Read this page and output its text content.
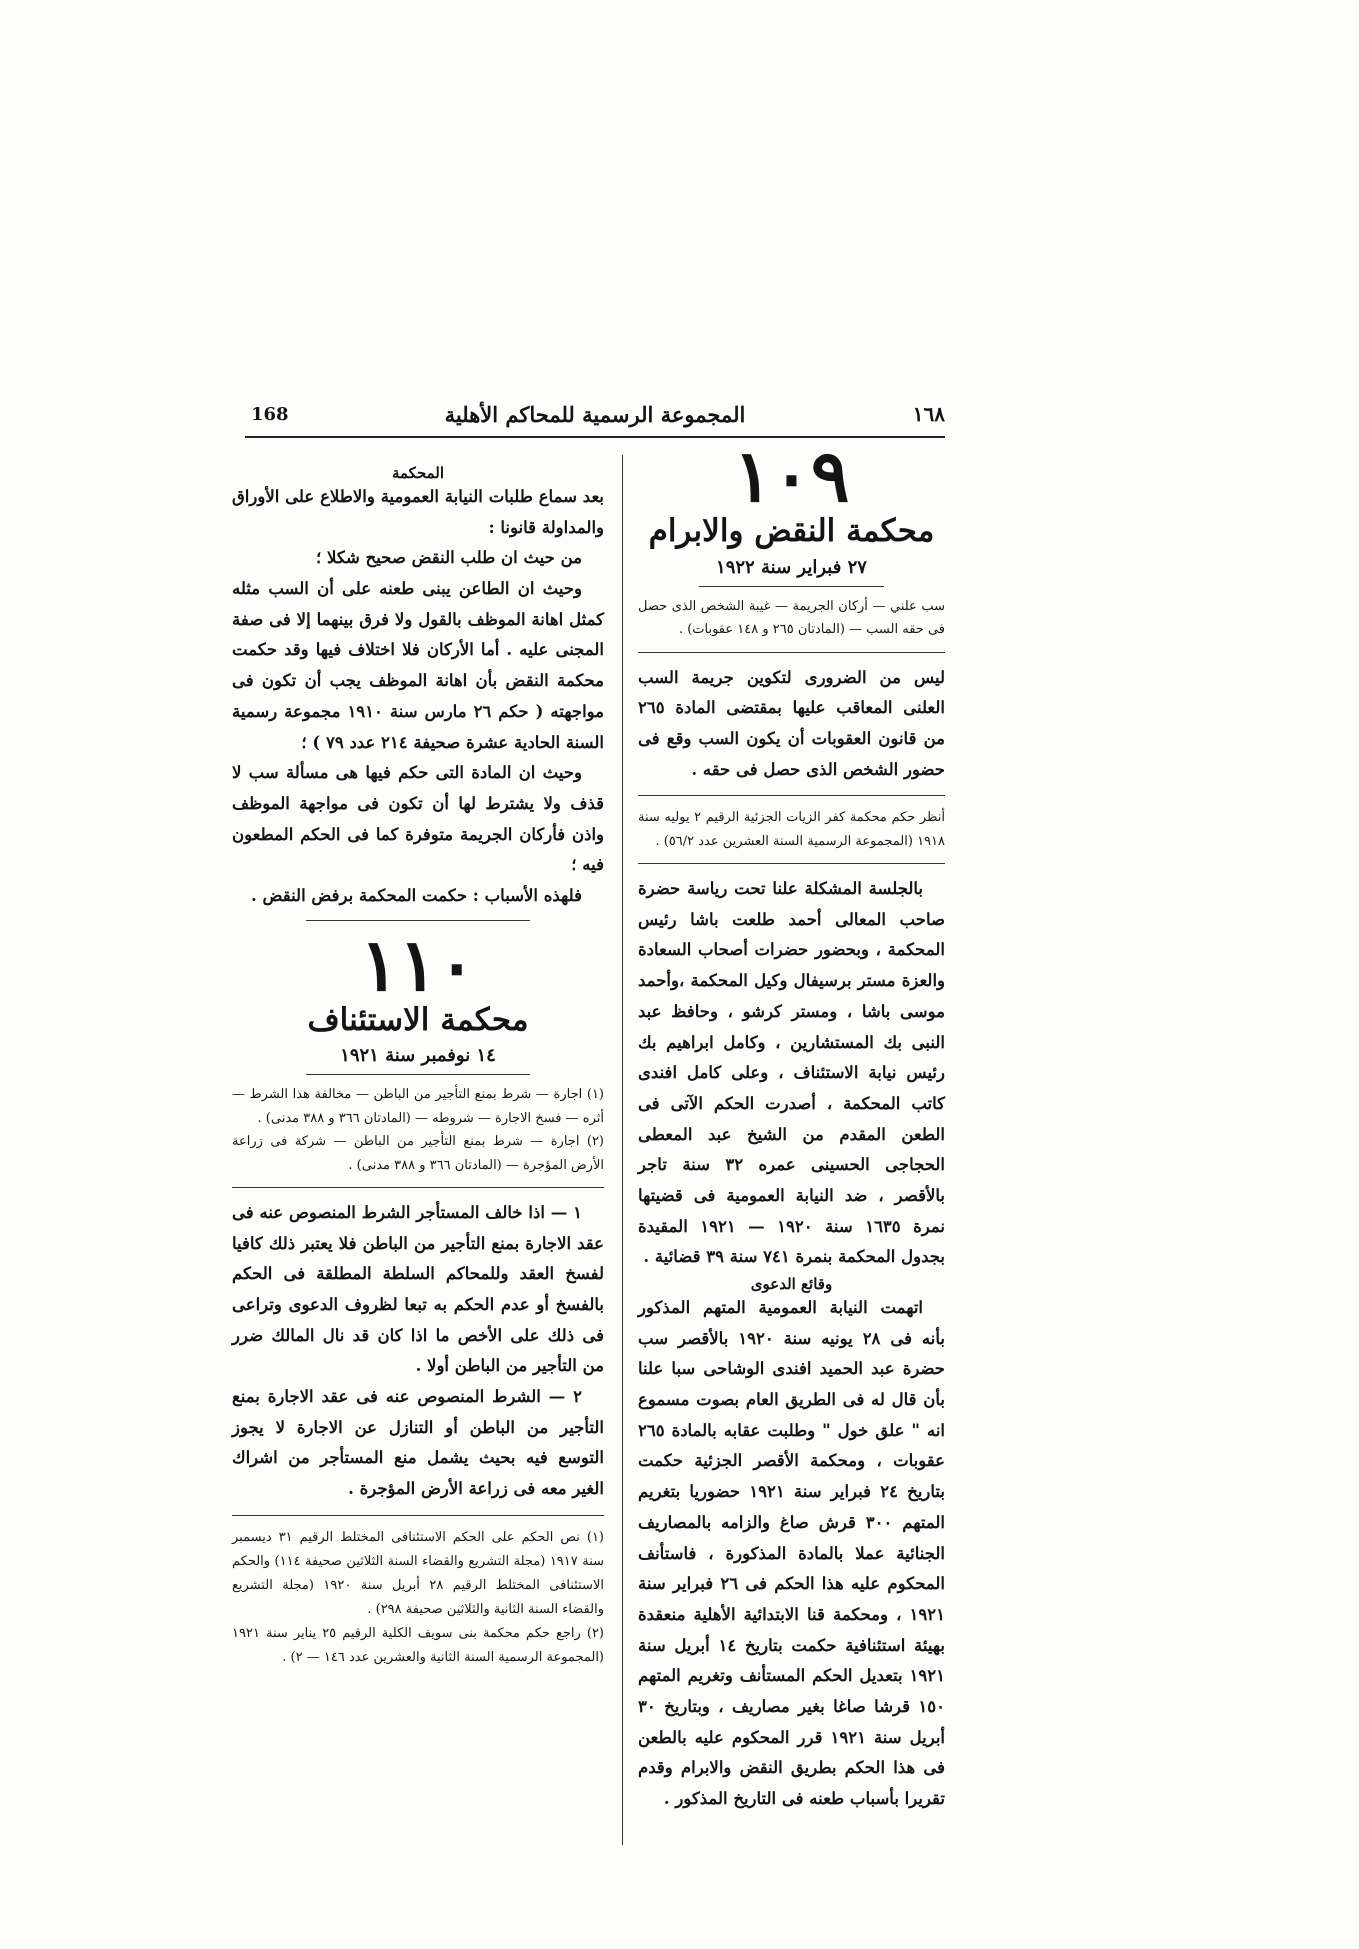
168	المجموعة الرسمية للمحاكم الأهلية	١٦٨
١٠٩
محكمة النقض والابرام
٢٧ فبراير سنة ١٩٢٢

سب علني — أركان الجريمة — غيبة الشخص الذى حصل فى حقه السب — (المادتان ٢٦٥ و ١٤٨ عقوبات) .

ليس من الضرورى لتكوين جريمة السب العلنى المعاقب عليها بمقتضى المادة ٢٦٥ من قانون العقوبات أن يكون السب وقع فى حضور الشخص الذى حصل فى حقه .

أنظر حكم محكمة كفر الزيات الجزئية الرقيم ٢ يوليه سنة ١٩١٨ (المجموعة الرسمية السنة العشرين عدد ٥٦/٢) .

بالجلسة المشكلة علنا تحت رياسة حضرة صاحب المعالى أحمد طلعت باشا رئيس المحكمة ، وبحضور حضرات أصحاب السعادة والعزة مستر برسيفال وكيل المحكمة ،وأحمد موسى باشا ، ومستر كرشو ، وحافظ عبد النبى بك المستشارين ، وكامل ابراهيم بك رئيس نيابة الاستئناف ، وعلى كامل افندى كاتب المحكمة ، أصدرت الحكم الآتى فى الطعن المقدم من الشيخ عبد المعطى الحجاجى الحسينى عمره ٣٢ سنة تاجر بالأقصر ، ضد النيابة العمومية فى قضيتها نمرة ١٦٣٥ سنة ١٩٢٠ — ١٩٢١ المقيدة بجدول المحكمة بنمرة ٧٤١ سنة ٣٩ قضائية .

وقائع الدعوى

اتهمت النيابة العمومية المتهم المذكور بأنه فى ٢٨ يونيه سنة ١٩٢٠ بالأقصر سب حضرة عبد الحميد افندى الوشاحى سبا علنا بأن قال له فى الطريق العام بصوت مسموع انه " علق خول " وطلبت عقابه بالمادة ٢٦٥ عقوبات ، ومحكمة الأقصر الجزئية حكمت بتاريخ ٢٤ فبراير سنة ١٩٢١ حضوريا بتغريم المتهم ٣٠٠ قرش صاغ والزامه بالمصاريف الجنائية عملا بالمادة المذكورة ، فاستأنف المحكوم عليه هذا الحكم فى ٢٦ فبراير سنة ١٩٢١ ، ومحكمة قنا الابتدائية الأهلية منعقدة بهيئة استئنافية حكمت بتاريخ ١٤ أبريل سنة ١٩٢١ بتعديل الحكم المستأنف وتغريم المتهم ١٥٠ قرشا صاغا بغير مصاريف ، وبتاريخ ٣٠ أبريل سنة ١٩٢١ قرر المحكوم عليه بالطعن فى هذا الحكم بطريق النقض والابرام وقدم تقريرا بأسباب طعنه فى التاريخ المذكور .

المحكمة

بعد سماع طلبات النيابة العمومية والاطلاع على الأوراق والمداولة قانونا :

من حيث ان طلب النقض صحيح شكلا ؛

وحيث ان الطاعن يبنى طعنه على أن السب مثله كمثل اهانة الموظف بالقول ولا فرق بينهما إلا فى صفة المجنى عليه . أما الأركان فلا اختلاف فيها وقد حكمت محكمة النقض بأن اهانة الموظف يجب أن تكون فى مواجهته ( حكم ٢٦ مارس سنة ١٩١٠ مجموعة رسمية السنة الحادية عشرة صحيفة ٢١٤ عدد ٧٩ ) ؛

وحيث ان المادة التى حكم فيها هى مسألة سب لا قذف ولا يشترط لها أن تكون فى مواجهة الموظف واذن فأركان الجريمة متوفرة كما فى الحكم المطعون فيه ؛

فلهذه الأسباب : حكمت المحكمة برفض النقض .

١١٠
محكمة الاستئناف
١٤ نوفمبر سنة ١٩٢١

(١) اجارة — شرط بمنع التأجير من الباطن — مخالفة هذا الشرط — أثره — فسخ الاجارة — شروطه — (المادتان ٣٦٦ و ٣٨٨ مدنى) .

(٢) اجارة — شرط بمنع التأجير من الباطن — شركة فى زراعة الأرض المؤجرة — (المادتان ٣٦٦ و ٣٨٨ مدنى) .

١ — اذا خالف المستأجر الشرط المنصوص عنه فى عقد الاجارة بمنع التأجير من الباطن فلا يعتبر ذلك كافيا لفسخ العقد وللمحاكم السلطة المطلقة فى الحكم بالفسخ أو عدم الحكم به تبعا لظروف الدعوى وتراعى فى ذلك على الأخص ما اذا كان قد نال المالك ضرر من التأجير من الباطن أولا .

٢ — الشرط المنصوص عنه فى عقد الاجارة بمنع التأجير من الباطن أو التنازل عن الاجارة لا يجوز التوسع فيه بحيث يشمل منع المستأجر من اشراك الغير معه فى زراعة الأرض المؤجرة .

(١) نص الحكم على الحكم الاستئنافى المختلط الرقيم ٣١ ديسمبر سنة ١٩١٧ (مجلة التشريع والقضاء السنة الثلاثين صحيفة ١١٤) والحكم الاستئنافى المختلط الرقيم ٢٨ أبريل سنة ١٩٢٠ (مجلة التشريع والقضاء السنة الثانية والثلاثين صحيفة ٢٩٨) .

(٢) راجع حكم محكمة بنى سويف الكلية الرقيم ٢٥ يناير سنة ١٩٢١ (المجموعة الرسمية السنة الثانية والعشرين عدد ١٤٦ — ٢) .
